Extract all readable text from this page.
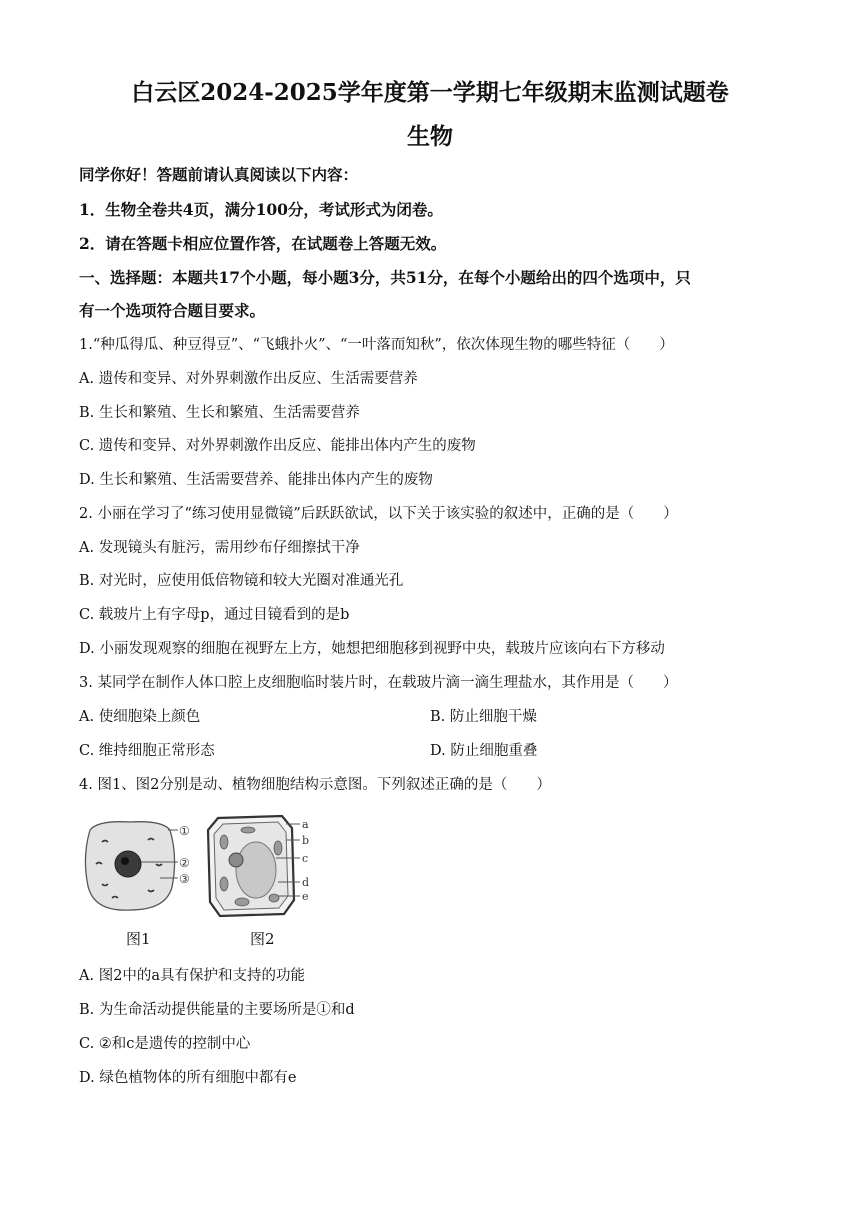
白云区2024-2025学年度第一学期七年级期末监测试题卷
生物
同学你好！答题前请认真阅读以下内容：
1．生物全卷共4页，满分100分，考试形式为闭卷。
2．请在答题卡相应位置作答，在试题卷上答题无效。
一、选择题：本题共17个小题，每小题3分，共51分，在每个小题给出的四个选项中，只
有一个选项符合题目要求。
1.“种瓜得瓜、种豆得豆”、“飞蛾扑火”、“一叶落而知秋”，依次体现生物的哪些特征（　　）
A. 遗传和变异、对外界刺激作出反应、生活需要营养
B. 生长和繁殖、生长和繁殖、生活需要营养
C. 遗传和变异、对外界刺激作出反应、能排出体内产生的废物
D. 生长和繁殖、生活需要营养、能排出体内产生的废物
2. 小丽在学习了“练习使用显微镜”后跃跃欲试，以下关于该实验的叙述中，正确的是（　　）
A. 发现镜头有脏污，需用纱布仔细擦拭干净
B. 对光时，应使用低倍物镜和较大光圈对准通光孔
C. 载玻片上有字母p，通过目镜看到的是b
D. 小丽发现观察的细胞在视野左上方，她想把细胞移到视野中央，载玻片应该向右下方移动
3. 某同学在制作人体口腔上皮细胞临时装片时，在载玻片滴一滴生理盐水，其作用是（　　）
A. 使细胞染上颜色	B. 防止细胞干燥
C. 维持细胞正常形态	D. 防止细胞重叠
4. 图1、图2分别是动、植物细胞结构示意图。下列叙述正确的是（　　）
①
②
③
a
b
c
d
e
图1	图2
A. 图2中的a具有保护和支持的功能
B. 为生命活动提供能量的主要场所是①和d
C. ②和c是遗传的控制中心
D. 绿色植物体的所有细胞中都有e
